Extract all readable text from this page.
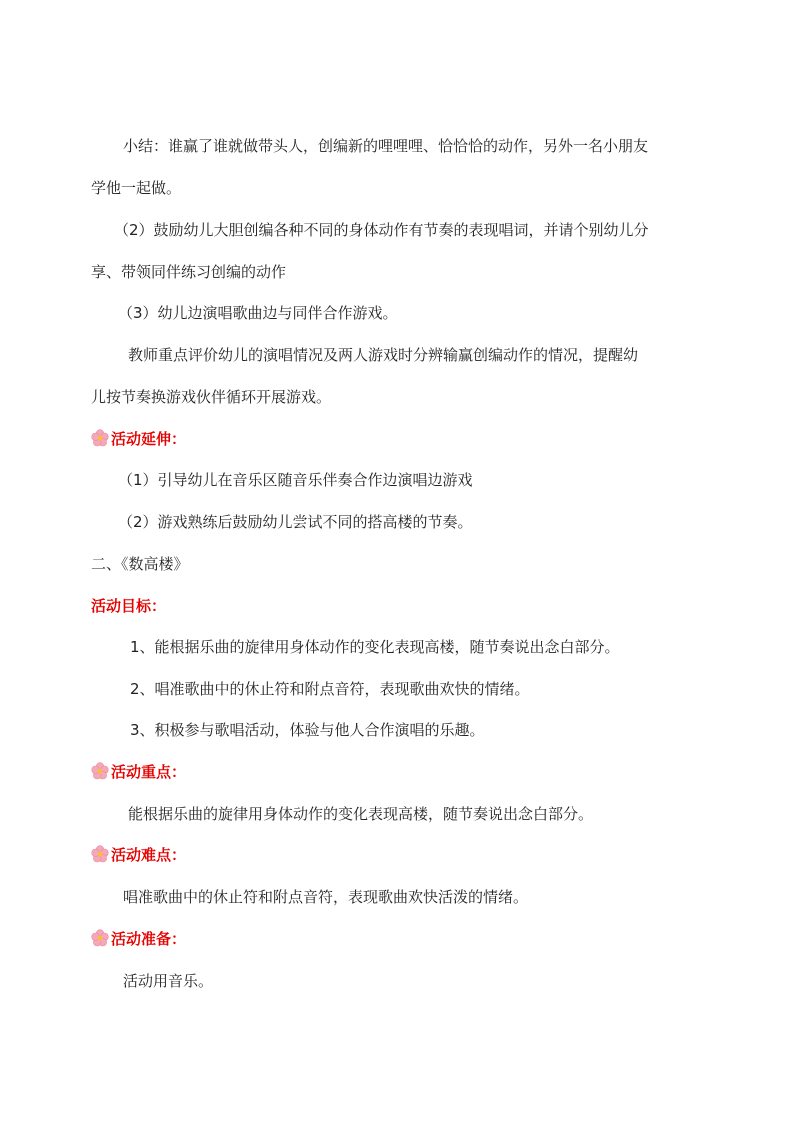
小结：谁赢了谁就做带头人，创编新的哩哩哩、恰恰恰的动作，另外一名小朋友
学他一起做。
（2）鼓励幼儿大胆创编各种不同的身体动作有节奏的表现唱词，并请个别幼儿分
享、带领同伴练习创编的动作
（3）幼儿边演唱歌曲边与同伴合作游戏。
教师重点评价幼儿的演唱情况及两人游戏时分辨输赢创编动作的情况，提醒幼
儿按节奏换游戏伙伴循环开展游戏。
活动延伸：
（1）引导幼儿在音乐区随音乐伴奏合作边演唱边游戏
（2）游戏熟练后鼓励幼儿尝试不同的搭高楼的节奏。
二、《数高楼》
活动目标：
1、能根据乐曲的旋律用身体动作的变化表现高楼，随节奏说出念白部分。
2、唱准歌曲中的休止符和附点音符，表现歌曲欢快的情绪。
3、积极参与歌唱活动，体验与他人合作演唱的乐趣。
活动重点：
能根据乐曲的旋律用身体动作的变化表现高楼，随节奏说出念白部分。
活动难点：
唱准歌曲中的休止符和附点音符，表现歌曲欢快活泼的情绪。
活动准备：
活动用音乐。
